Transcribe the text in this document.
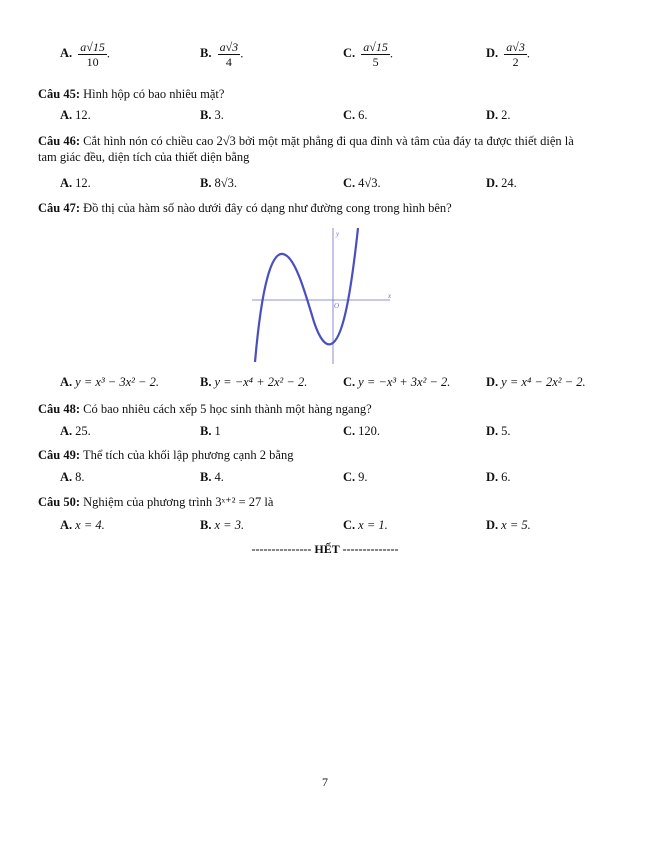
A. $\frac{a√15}{10}$ .	B. $\frac{a√3}{4}$ .	C. $\frac{a√15}{5}$ .	D. $\frac{a√3}{2}$ .
Câu 45: Hình hộp có bao nhiêu mặt?
A. 12.	B. 3.	C. 6.	D. 2.
Câu 46: Cắt hình nón có chiều cao 2√3 bởi một mặt phẳng đi qua đỉnh và tâm của đáy ta được thiết diện là
tam giác đều, diện tích của thiết diện bằng
A. 12.	B. 8√3.	C. 4√3.	D. 24.
Câu 47: Đồ thị của hàm số nào dưới đây có dạng như đường cong trong hình bên?
y
x
O
A. y = x³ − 3x² − 2.	B. y = −x⁴ + 2x² − 2.	C. y = −x³ + 3x² − 2.	D. y = x⁴ − 2x² − 2.
Câu 48: Có bao nhiêu cách xếp 5 học sinh thành một hàng ngang?
A. 25.	B. 1	C. 120.	D. 5.
Câu 49: Thể tích của khối lập phương cạnh 2 bằng
A. 8.	B. 4.	C. 9.	D. 6.
Câu 50: Nghiệm của phương trình 3ˣ⁺² = 27 là
A. x = 4.	B. x = 3.	C. x = 1.	D. x = 5.
--------------- HẾT --------------
7
